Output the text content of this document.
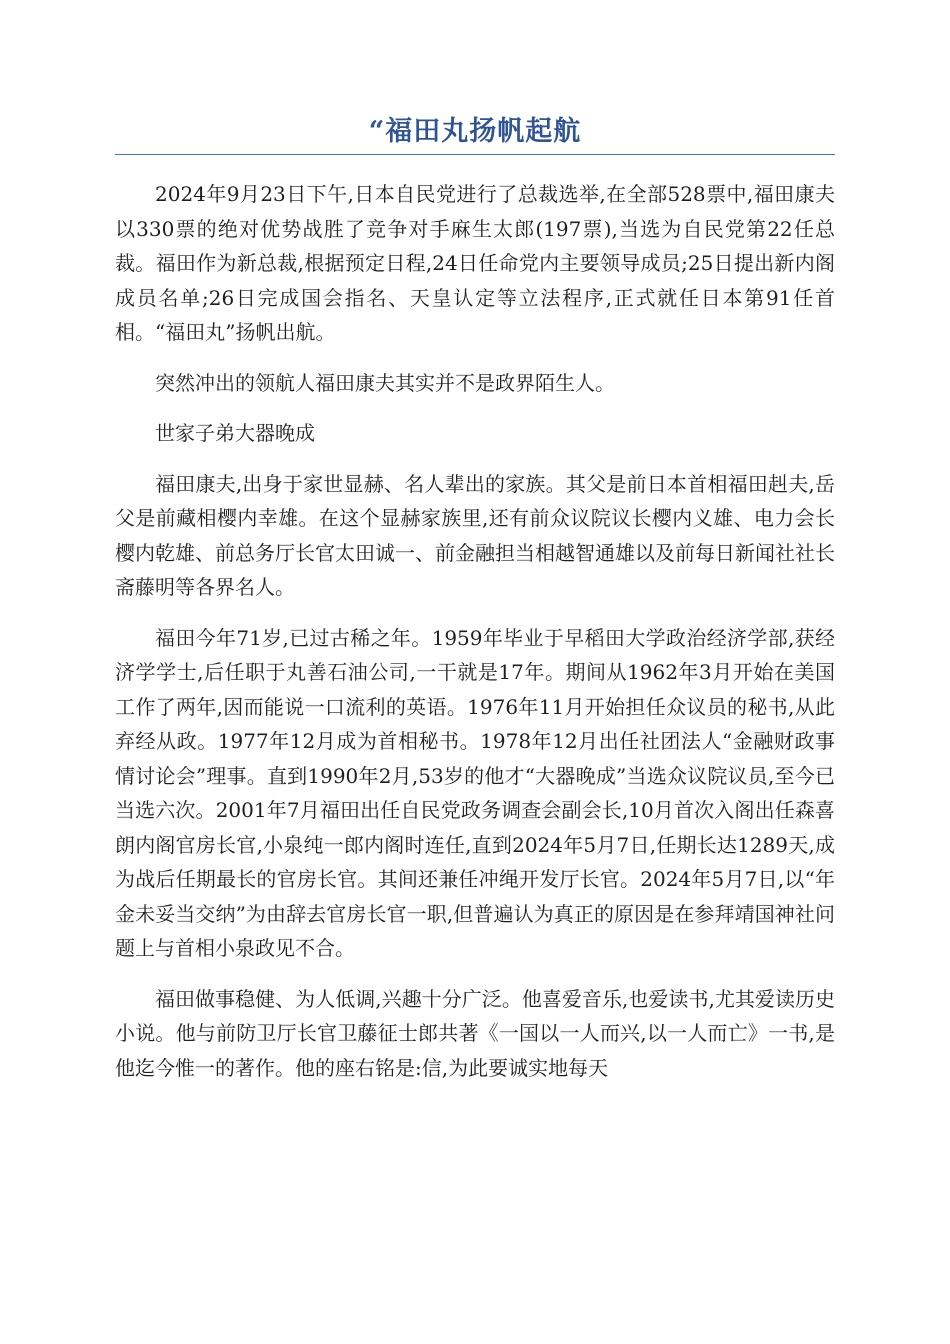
“福田丸扬帆起航

2024年9月23日下午,日本自民党进行了总裁选举,在全部528票中,福田康夫以330票的绝对优势战胜了竞争对手麻生太郎(197票),当选为自民党第22任总裁。福田作为新总裁,根据预定日程,24日任命党内主要领导成员;25日提出新内阁成员名单;26日完成国会指名、天皇认定等立法程序,正式就任日本第91任首相。“福田丸”扬帆出航。

突然冲出的领航人福田康夫其实并不是政界陌生人。

世家子弟大器晚成

福田康夫,出身于家世显赫、名人辈出的家族。其父是前日本首相福田赳夫,岳父是前藏相樱内幸雄。在这个显赫家族里,还有前众议院议长樱内义雄、电力会长樱内乾雄、前总务厅长官太田诚一、前金融担当相越智通雄以及前每日新闻社社长斋藤明等各界名人。

福田今年71岁,已过古稀之年。1959年毕业于早稻田大学政治经济学部,获经济学学士,后任职于丸善石油公司,一干就是17年。期间从1962年3月开始在美国工作了两年,因而能说一口流利的英语。1976年11月开始担任众议员的秘书,从此弃经从政。1977年12月成为首相秘书。1978年12月出任社团法人“金融财政事情讨论会”理事。直到1990年2月,53岁的他才“大器晚成”当选众议院议员,至今已当选六次。2001年7月福田出任自民党政务调查会副会长,10月首次入阁出任森喜朗内阁官房长官,小泉纯一郎内阁时连任,直到2024年5月7日,任期长达1289天,成为战后任期最长的官房长官。其间还兼任冲绳开发厅长官。2024年5月7日,以“年金未妥当交纳”为由辞去官房长官一职,但普遍认为真正的原因是在参拜靖国神社问题上与首相小泉政见不合。

福田做事稳健、为人低调,兴趣十分广泛。他喜爱音乐,也爱读书,尤其爱读历史小说。他与前防卫厅长官卫藤征士郎共著《一国以一人而兴,以一人而亡》一书,是他迄今惟一的著作。他的座右铭是:信,为此要诚实地每天
